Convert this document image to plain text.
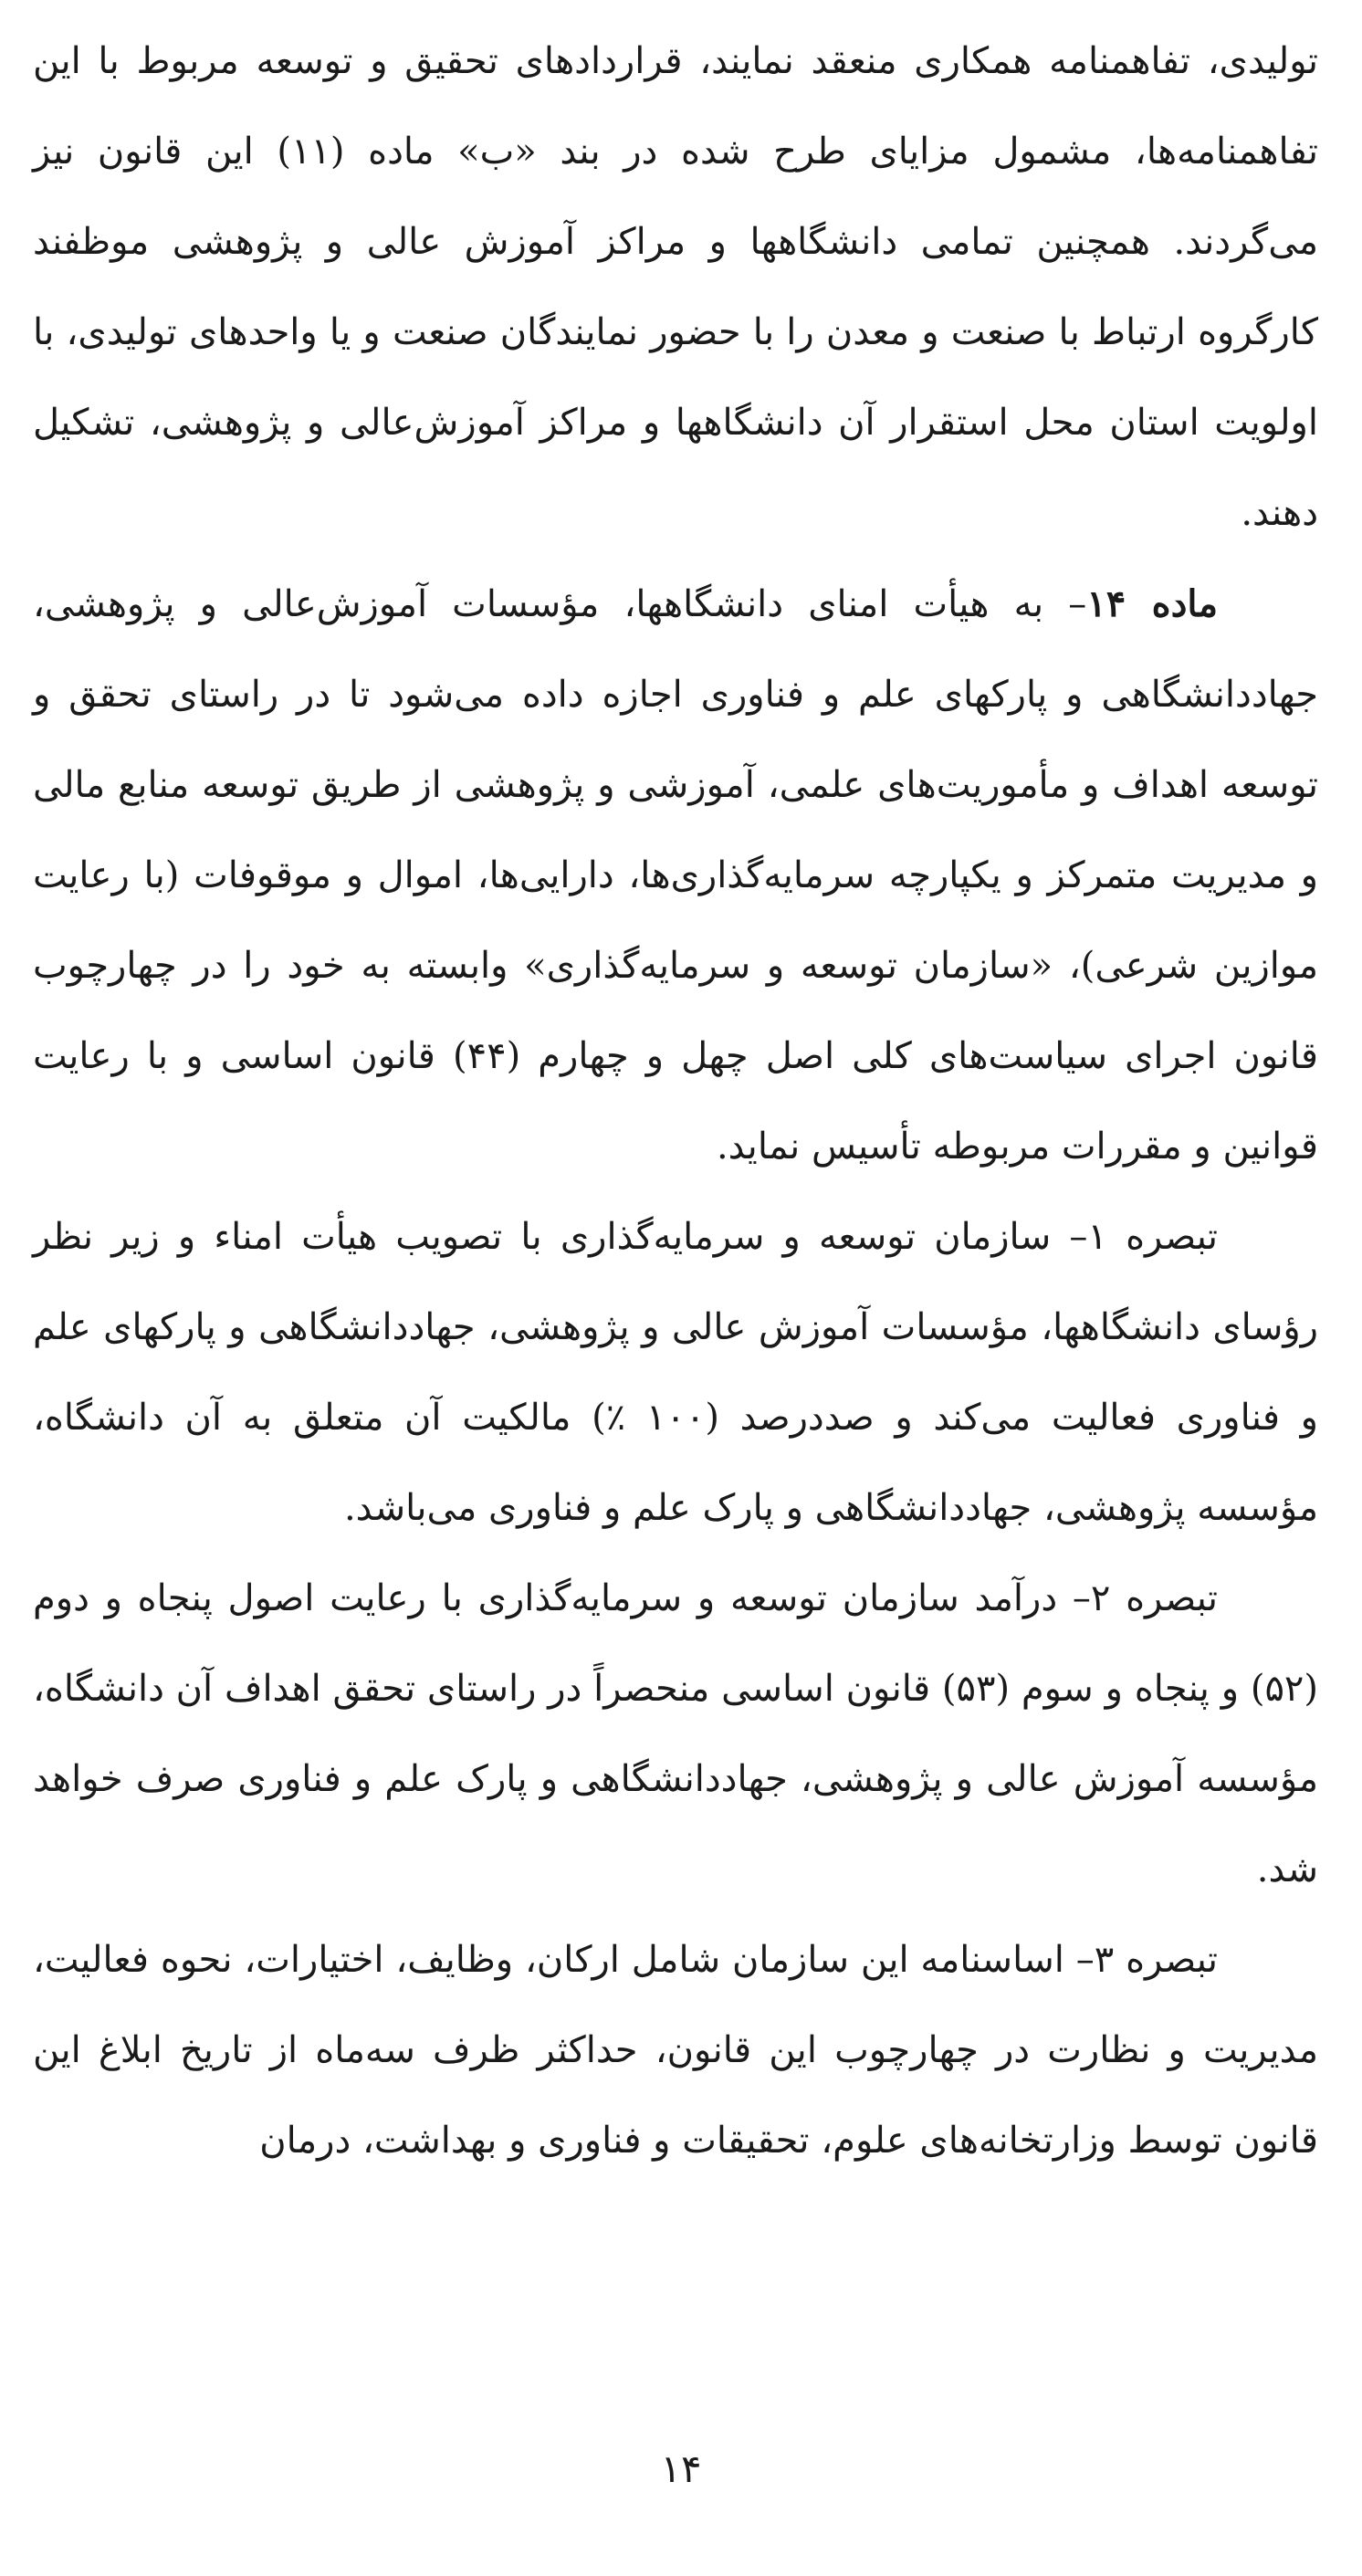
تولیدی، تفاهمنامه همکاری منعقد نمایند، قراردادهای تحقیق و توسعه مربوط با این تفاهمنامه‌ها، مشمول مزایای طرح شده در بند «ب» ماده (۱۱) این قانون نیز می‌گردند. همچنین تمامی دانشگاهها و مراکز آموزش عالی و پژوهشی موظفند کارگروه ارتباط با صنعت و معدن را با حضور نمایندگان صنعت و یا واحدهای تولیدی، با اولویت استان محل استقرار آن دانشگاهها و مراکز آموزش‌عالی و پژوهشی، تشکیل دهند.

ماده ۱۴– به هیأت امنای دانشگاهها، مؤسسات آموزش‌عالی و پژوهشی، جهاددانشگاهی و پارکهای علم و فناوری اجازه داده می‌شود تا در راستای تحقق و توسعه اهداف و مأموریت‌های علمی، آموزشی و پژوهشی از طریق توسعه منابع مالی و مدیریت متمرکز و یکپارچه سرمایه‌گذاری‌ها، دارایی‌ها، اموال و موقوفات (با رعایت موازین شرعی)، «سازمان توسعه و سرمایه‌گذاری» وابسته به خود را در چهارچوب قانون اجرای سیاست‌های کلی اصل چهل و چهارم (۴۴) قانون اساسی و با رعایت قوانین و مقررات مربوطه تأسیس نماید.

تبصره ۱– سازمان توسعه و سرمایه‌گذاری با تصویب هیأت امناء و زیر نظر رؤسای دانشگاهها، مؤسسات آموزش عالی و پژوهشی، جهاددانشگاهی و پارکهای علم و فناوری فعالیت می‌کند و صددرصد (۱۰۰ ٪) مالکیت آن متعلق به آن دانشگاه، مؤسسه پژوهشی، جهاددانشگاهی و پارک علم و فناوری می‌باشد.

تبصره ۲– درآمد سازمان توسعه و سرمایه‌گذاری با رعایت اصول پنجاه و دوم (۵۲) و پنجاه و سوم (۵۳) قانون اساسی منحصراً در راستای تحقق اهداف آن دانشگاه، مؤسسه آموزش عالی و پژوهشی، جهاددانشگاهی و پارک علم و فناوری صرف خواهد شد.

تبصره ۳– اساسنامه این سازمان شامل ارکان، وظایف، اختیارات، نحوه فعالیت، مدیریت و نظارت در چهارچوب این قانون، حداکثر ظرف سه‌ماه از تاریخ ابلاغ این قانون توسط وزارتخانه‌های علوم، تحقیقات و فناوری و بهداشت، درمان

۱۴
